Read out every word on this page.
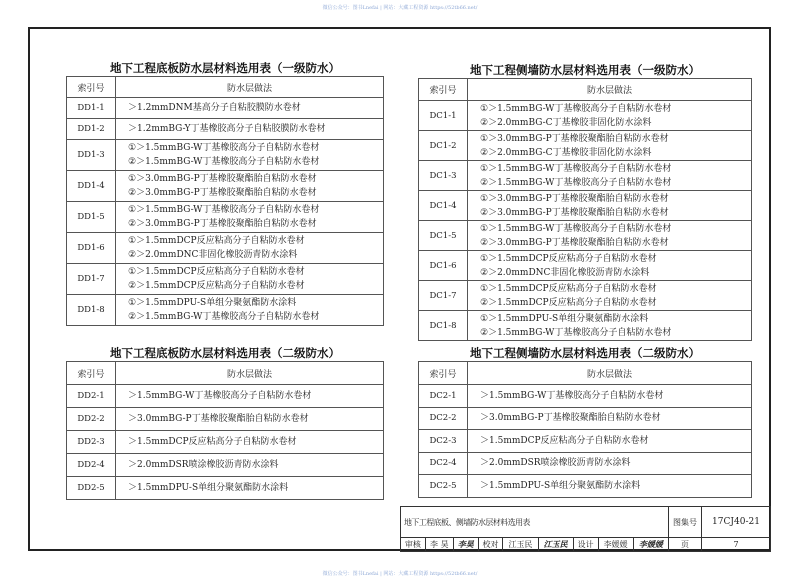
微信公众号：图书Lnefai | 网站：大藏工程资源 https://52tb66.net/
微信公众号：图书Lnefai | 网站：大藏工程资源 https://52tb66.net/
地下工程底板防水层材料选用表（一级防水）
索引号	防水层做法
DD1-1	＞1.2mmDNM基高分子自粘胶膜防水卷材

DD1-2	＞1.2mmBG-Y丁基橡胶高分子自粘胶膜防水卷材

DD1-3	①＞1.5mmBG-W丁基橡胶高分子自粘防水卷材
②＞1.5mmBG-W丁基橡胶高分子自粘防水卷材

DD1-4	①＞3.0mmBG-P丁基橡胶聚酯胎自粘防水卷材
②＞3.0mmBG-P丁基橡胶聚酯胎自粘防水卷材

DD1-5	①＞1.5mmBG-W丁基橡胶高分子自粘防水卷材
②＞3.0mmBG-P丁基橡胶聚酯胎自粘防水卷材

DD1-6	①＞1.5mmDCP反应粘高分子自粘防水卷材
②＞2.0mmDNC非固化橡胶沥青防水涂料

DD1-7	①＞1.5mmDCP反应粘高分子自粘防水卷材
②＞1.5mmDCP反应粘高分子自粘防水卷材

DD1-8	①＞1.5mmDPU-S单组分聚氨酯防水涂料
②＞1.5mmBG-W丁基橡胶高分子自粘防水卷材
地下工程底板防水层材料选用表（二级防水）
索引号	防水层做法
DD2-1	＞1.5mmBG-W丁基橡胶高分子自粘防水卷材

DD2-2	＞3.0mmBG-P丁基橡胶聚酯胎自粘防水卷材

DD2-3	＞1.5mmDCP反应粘高分子自粘防水卷材

DD2-4	＞2.0mmDSR喷涂橡胶沥青防水涂料

DD2-5	＞1.5mmDPU-S单组分聚氨酯防水涂料
地下工程侧墙防水层材料选用表（一级防水）
索引号	防水层做法
DC1-1	①＞1.5mmBG-W丁基橡胶高分子自粘防水卷材
②＞2.0mmBG-C丁基橡胶非固化防水涂料

DC1-2	①＞3.0mmBG-P丁基橡胶聚酯胎自粘防水卷材
②＞2.0mmBG-C丁基橡胶非固化防水涂料

DC1-3	①＞1.5mmBG-W丁基橡胶高分子自粘防水卷材
②＞1.5mmBG-W丁基橡胶高分子自粘防水卷材

DC1-4	①＞3.0mmBG-P丁基橡胶聚酯胎自粘防水卷材
②＞3.0mmBG-P丁基橡胶聚酯胎自粘防水卷材

DC1-5	①＞1.5mmBG-W丁基橡胶高分子自粘防水卷材
②＞3.0mmBG-P丁基橡胶聚酯胎自粘防水卷材

DC1-6	①＞1.5mmDCP反应粘高分子自粘防水卷材
②＞2.0mmDNC非固化橡胶沥青防水涂料

DC1-7	①＞1.5mmDCP反应粘高分子自粘防水卷材
②＞1.5mmDCP反应粘高分子自粘防水卷材

DC1-8	①＞1.5mmDPU-S单组分聚氨酯防水涂料
②＞1.5mmBG-W丁基橡胶高分子自粘防水卷材
地下工程侧墙防水层材料选用表（二级防水）
索引号	防水层做法
DC2-1	＞1.5mmBG-W丁基橡胶高分子自粘防水卷材

DC2-2	＞3.0mmBG-P丁基橡胶聚酯胎自粘防水卷材

DC2-3	＞1.5mmDCP反应粘高分子自粘防水卷材

DC2-4	＞2.0mmDSR喷涂橡胶沥青防水涂料

DC2-5	＞1.5mmDPU-S单组分聚氨酯防水涂料
地下工程底板、侧墙防水层材料选用表									图集号	17CJ40-21
审核	李 昊	李昊	校对	江玉民	江玉民	设计	李媛媛	李媛媛	页	7
